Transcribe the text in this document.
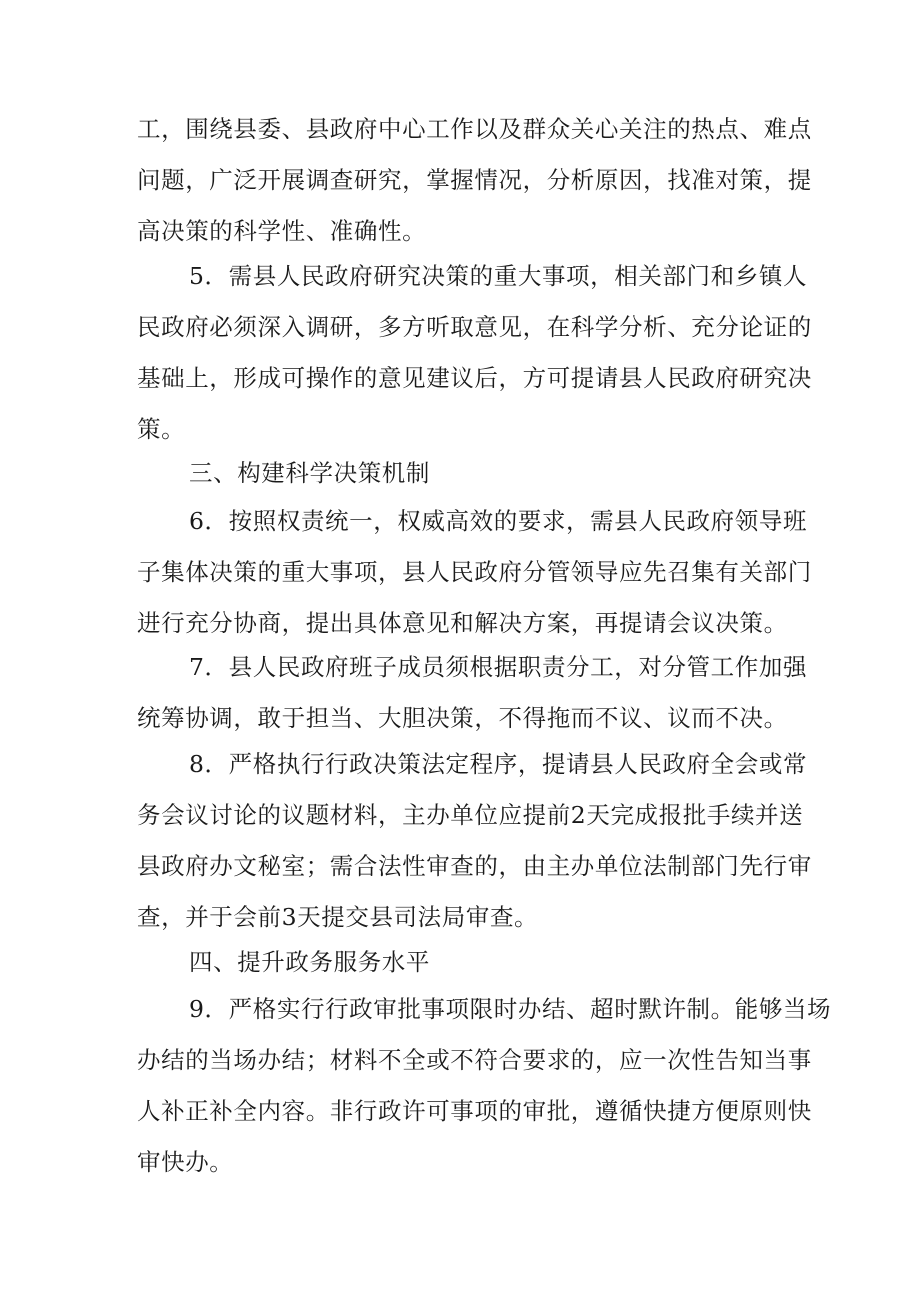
工，围绕县委、县政府中心工作以及群众关心关注的热点、难点
问题，广泛开展调查研究，掌握情况，分析原因，找准对策，提
高决策的科学性、准确性。
5．需县人民政府研究决策的重大事项，相关部门和乡镇人
民政府必须深入调研，多方听取意见，在科学分析、充分论证的
基础上，形成可操作的意见建议后，方可提请县人民政府研究决
策。
三、构建科学决策机制
6．按照权责统一，权威高效的要求，需县人民政府领导班
子集体决策的重大事项，县人民政府分管领导应先召集有关部门
进行充分协商，提出具体意见和解决方案，再提请会议决策。
7．县人民政府班子成员须根据职责分工，对分管工作加强
统筹协调，敢于担当、大胆决策，不得拖而不议、议而不决。
8．严格执行行政决策法定程序，提请县人民政府全会或常
务会议讨论的议题材料，主办单位应提前2天完成报批手续并送
县政府办文秘室；需合法性审查的，由主办单位法制部门先行审
查，并于会前3天提交县司法局审查。
四、提升政务服务水平
9．严格实行行政审批事项限时办结、超时默许制。能够当场
办结的当场办结；材料不全或不符合要求的，应一次性告知当事
人补正补全内容。非行政许可事项的审批，遵循快捷方便原则快
审快办。
